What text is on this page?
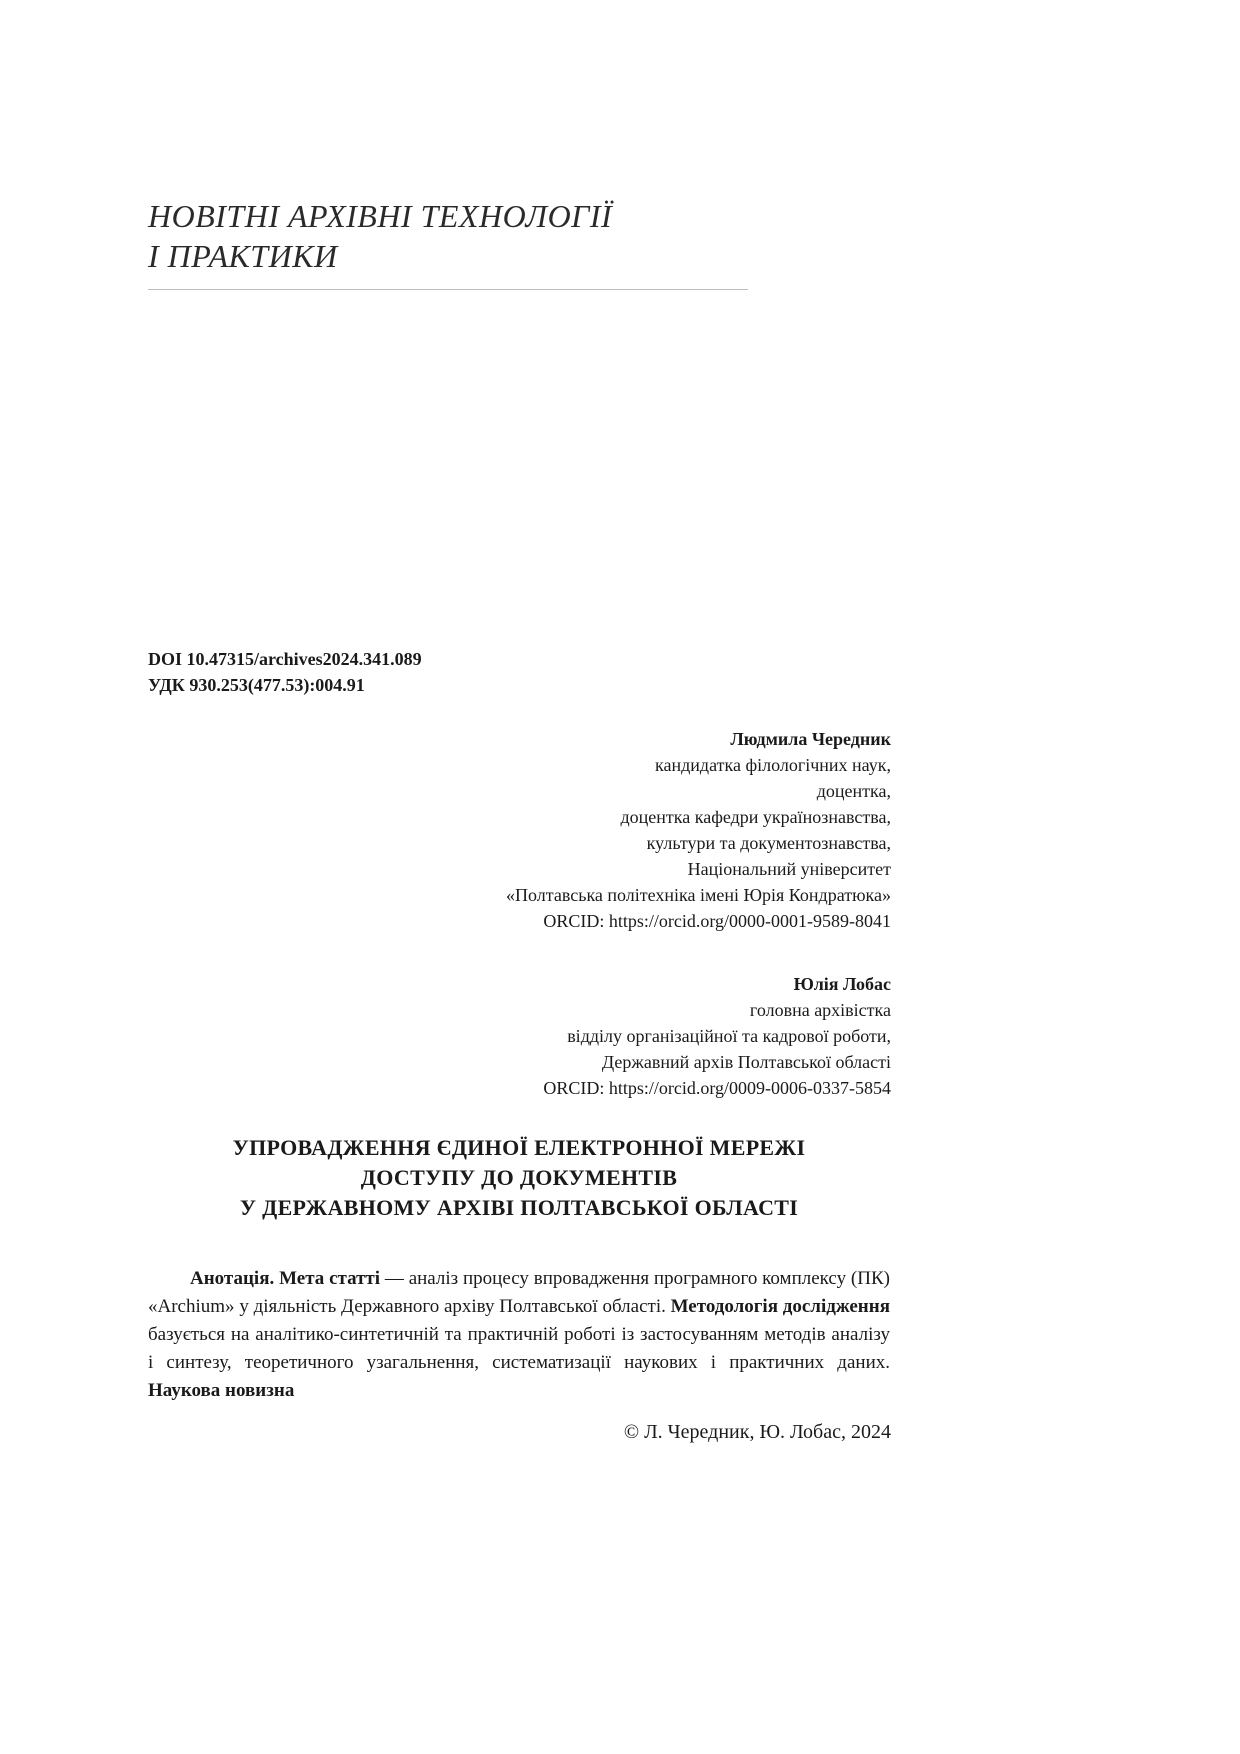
НОВІТНІ АРХІВНІ ТЕХНОЛОГІЇ
І ПРАКТИКИ
DOI 10.47315/archives2024.341.089
УДК 930.253(477.53):004.91
Людмила Чередник
кандидатка філологічних наук,
доцентка,
доцентка кафедри українознавства,
культури та документознавства,
Національний університет
«Полтавська політехніка імені Юрія Кондратюка»
ORCID: https://orcid.org/0000-0001-9589-8041
Юлія Лобас
головна архівістка
відділу організаційної та кадрової роботи,
Державний архів Полтавської області
ORCID: https://orcid.org/0009-0006-0337-5854
УПРОВАДЖЕННЯ ЄДИНОЇ ЕЛЕКТРОННОЇ МЕРЕЖІ
ДОСТУПУ ДО ДОКУМЕНТІВ
У ДЕРЖАВНОМУ АРХІВІ ПОЛТАВСЬКОЇ ОБЛАСТІ

Анотація. Мета статті — аналіз процесу впровадження програмного комплексу (ПК) «Archium» у діяльність Державного архіву Полтавської області. Методологія дослідження базується на аналітико-синтетичній та практичній роботі із застосуванням методів аналізу і синтезу, теоретичного узагальнення, систематизації наукових і практичних даних. Наукова новизна

© Л. Чередник, Ю. Лобас, 2024
